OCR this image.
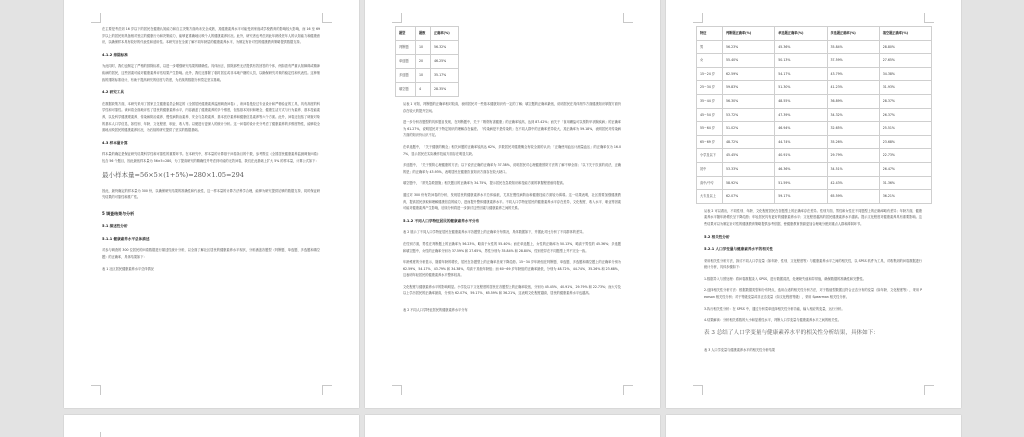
在主要是考虑到 16 岁以下的居民在健康认知能力和自主决策方面尚未完全成熟，其健康素养水平可能受到家庭或学校教育的影响较大影响，而 16 至 69 岁以上的居民则具备相对独立的健康行为和决策能力，能够更准确地反映个人的健康素养状况。此外，研究者也考虑到此年龄段老年人的认知能力和健康意识，以确保样本具有较好的代表性和适用性。本研究旨在全面了解不同年龄层的健康素养水平，为制定有针对性的健康教育策略提供数据支持。

4.1.2 排除标准

为此同时，我们也制定了严格的排除标准，以进一步增强研究结果的精确性。具体而言，排除那些无法提供有效回答的个体，例如患有严重认知障碍或精神疾病的居民，这些因素可能对健康素养评估结果产生影响。此外，我们还排除了临时居住或非本地户籍的人员，以确保研究对象的稳定性和代表性。这种细致的排除标准设计，有助于提高研究的信度与效度，为后续的数据分析奠定坚实基础。

4.2 研究工具

在数据收集方面，本研究采用了国家卫生健康委员会制定的《全国居民健康素养监测调查问卷》，该问卷是经过专业设计和严格验证的工具，具有高度的科学性和可靠性。该问卷全面地评估了居民的健康素养水平，内容涵盖了健康素养的多个维度，包括基本知识和理念、健康生活方式与行为素养、基本技能素养，以及科学健康观素养、传染病防治素养、慢性病防治素养、安全与急救素养、基本医疗素养和健康信息素养等六个方面。此外，问卷还包括了调查对象的基本人口学信息，如性别、年龄、文化程度、职业、收入等。以便进行更深入的统计分析。这一问卷的设计充分考虑了健康素养的多维度特性，能够较全面地反映居民的健康素养状况，为后续的研究提供了坚实的数据基础。

4.3 样本量计算

样本量的确定是保证研究结果科学性和可靠性的重要环节。在本研究中，样本量的计算基于问卷条目的个数，参考既往《全国居民健康素养监测调查问卷》包含 56 个题目，因此最低样本量为 56×5=280，为了提高研究的精确性并考虑到可能的无效问卷，我们在此基础上扩大 5% 的样本量，计算公式如下：

最小样本量=56×5×(1+5%)=280×1.05=294

因此，最终确定的样本量为 300 份，以确保研究结果的准确性和代表性，这一样本量的计算方法科学合理，能够为研究提供足够的数据支持，同时保证研究结果的可靠性和推广性。

5 调查结果与分析

5.1 描述性分析

5.1.1 健康素养水平总体描述

对参与调查的 300 位居民的问卷数据进行描述性统计分析，以全面了解社区居民的健康素养水平现状，分析涵盖各题型（判断题、单选题、多选题和填空题）的正确率，具体结果如下：

表 1 社区居民健康素养水平总体情况

题型	题数	正确率(%)
判断题	10	56.32%
单选题	20	46.25%
多选题	10	35.17%
填空题	4	28.35%

从表 1 可知，判断题的正确率相对较高，表明居民对一些基本健康知识有一定的了解；填空题的正确率最低，说明居民在具体细节方面健康知识掌握方面仍存在较大的提升空间。

进一步分析各题型的具体题目发现，在判断题中，关于「吸烟有害健康」的正确率较高，达到 87.42%；而关于「食用碘盐可以预防甲状腺疾病」的正确率为 61.27%，说明居民对于特定知识的理解存在偏差。「传染病是不是传染的」在不同人群中的正确率差异较大，其正确率为 59.18%，表明居民对传染病方面的知识仍认识不足。

在单选题中，「关于健康的概念」相关问题的正确率较高达 62%，多数居民对健康概念有较全面的认识；「正确使用血压计测量血压」的正确率仅为 16.07%，显示居民在实际操作技能方面存在明显欠缺。

多选题中，「关于预防心理健康的方法」以下说法正确的正确率为 37.38%，说明居民对心理健康预防方法的了解不够全面；「以下关于饮食的说法，正确的是」的正确率为 43.93%，表明居民在健康饮食知识方面存在较大缺口。

填空题中，「常见急救措施」相关题目的正确率为 34.75%，提示居民在急救知识和技能方面的掌握程度亟待提高。

通过对 300 份有效问卷的分析，发现居民的健康素养水平总体偏低，尤其在慢性病防治和健康技能方面较为薄弱。这一结果表明，社区需要加强健康教育，提高居民获取和理解健康信息的能力，进而提升整体健康素养水平。不同人口学特征居民的健康素养水平存在差异，文化程度、收入水平、职业等因素可能对健康素养产生影响，后续分析将进一步探讨这些因素与健康素养之间的关系。

5.1.2 不同人口学特征居民的健康素养水平分布

表 2 展示了不同人口学特征居民在健康素养水平各题型上的正确率分布情况，具体数据如下，并据此对比分析了不同群体的差异。

在性别方面，男性在判断题上的正确率为 56.23%，略高于女性的 55.40%；而在单选题上，女性的正确率为 50.13%，略高于男性的 45.36%；多选题和填空题中，女性的正确率分别为 37.59% 和 27.65%，男性分别为 35.84% 和 28.80%，性别差异在不同题型上并不完全一致。

年龄维度的分析显示，随着年龄的增长，居民在各题型上的正确率呈现下降趋势。15~34 岁年龄组在判断题、单选题、多选题和填空题上的正确率分别为 62.59%、54.17%、43.79% 和 34.38%，均高于其他年龄组；而 60~69 岁年龄组的正确率最低，分别为 48.72%、44.74%、35.26% 和 23.68%，这表明年轻居民的健康素养水平整体较高。

文化程度与健康素养水平的影响明显。小学及以下文化程度的居民在各题型上的正确率较低，分别为 45.45%、40.91%、29.79% 和 22.73%；而大专及以上学历居民的正确率最高，分别为 62.07%、59.17%、65.59% 和 36.21%，这表明文化程度越高，居民的健康素养水平也越高。

表 2 不同人口学特征居民的健康素养水平分布

特征	判断题正确率(%)	单选题正确率(%)	多选题正确率(%)	填空题正确率(%)
男	56.23%	45.36%	35.84%	28.80%
女	55.40%	50.13%	37.59%	27.65%
15~24 岁	62.59%	54.17%	43.79%	34.38%
25~34 岁	59.83%	51.30%	41.23%	31.93%
35~44 岁	56.30%	48.55%	36.89%	28.37%
45~54 岁	53.72%	47.39%	34.32%	26.37%
55~64 岁	51.02%	46.94%	32.65%	25.51%
65~69 岁	48.72%	44.74%	35.26%	23.68%
小学及以下	45.45%	40.91%	29.79%	22.73%
初中	53.33%	46.36%	34.51%	26.47%
高中/中专	58.92%	51.59%	42.43%	31.36%
大专及以上	62.07%	59.17%	65.59%	36.21%

从表 2 可以看出，不同性别、年龄、文化程度居民在各题型上的正确率存在差异。性别方面，男性和女性在不同题型上的正确率略有差异；年龄方面，健康素养水平随年龄增长呈下降趋势；年轻居民具有更好的健康素养水平；文化程度越高的居民健康素养水平越高。提示文化程度对健康素养具有重要影响。这些结果可以为制定针对性的健康教育策略提供参考依据，使健康教育资源更加合理地分配到重点人群和薄弱环节。

5.2 相关性分析

5.2.1 人口学变量与健康素养水平的相关性

采用相关性分析方法，探讨不同人口学变量（如年龄、性别、文化程度等）与健康素养水平之间的相关性，以 SPSS 软件为工具，对收集到的问卷数据进行统计分析，具体步骤如下：

1.数据导入与预处理：将问卷数据录入 SPSS，进行数据清洗，处理缺失值和异常值，确保数据的准确性和完整性。

2.选择相关性分析方法：根据数据类型和分布特点，选用合适的相关性分析方法，对于数值型数据且符合正态分布的变量（如年龄、文化程度等），采用 Pearson 相关性分析；对于等级变量或非正态变量（如文化程度等级），采用 Spearman 相关性分析。

3.执行相关性分析：在 SPSS 中，通过分析菜单选择相关性分析功能，输入相应的变量，运行分析。

4.结果解读：分析相关系数的大小和显著性水平，判断人口学变量与健康素养水平之间的相关性。

表 3 总结了人口学变量与健康素养水平的相关性分析结果，具体如下：

表 3 人口学变量与健康素养水平的相关性分析结果
